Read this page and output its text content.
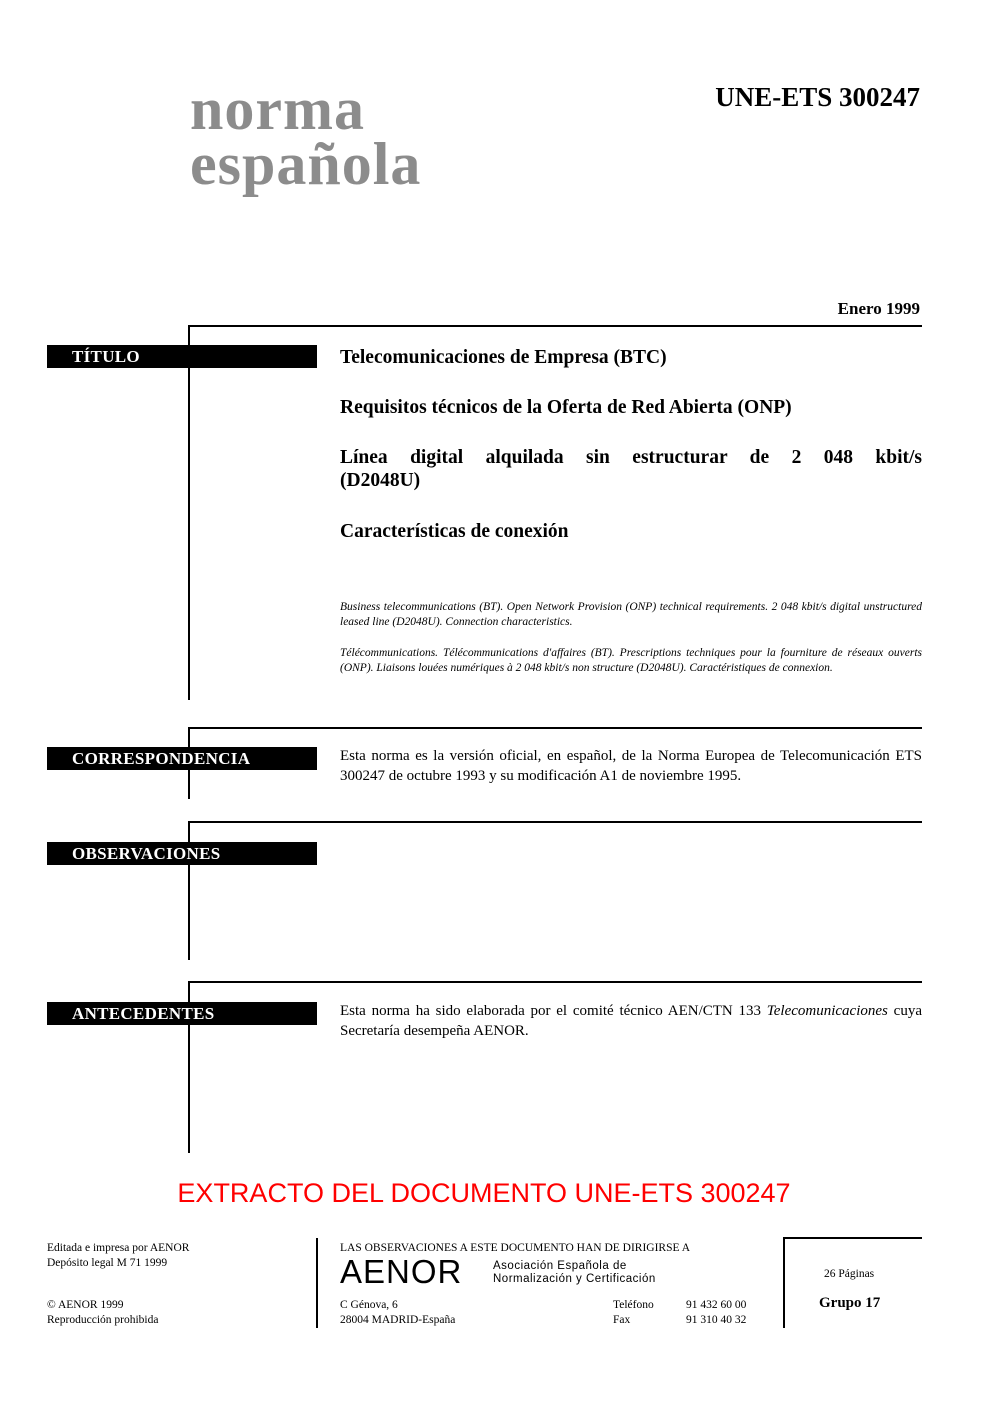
norma
española
UNE-ETS 300247
Enero 1999
TÍTULO	Telecomunicaciones de Empresa (BTC)
Requisitos técnicos de la Oferta de Red Abierta (ONP)
Línea digital alquilada sin estructurar de 2 048 kbit/s
(D2048U)
Características de conexión
Business telecommunications (BT). Open Network Provision (ONP) technical requirements. 2 048 kbit/s digital unstructured leased line (D2048U). Connection characteristics.
Télécommunications. Télécommunications d'affaires (BT). Prescriptions techniques pour la fourniture de réseaux ouverts (ONP). Liaisons louées numériques à 2 048 kbit/s non structure (D2048U). Caractéristiques de connexion.
CORRESPONDENCIA	Esta norma es la versión oficial, en español, de la Norma Europea de Telecomunicación ETS 300247 de octubre 1993 y su modificación A1 de noviembre 1995.
OBSERVACIONES
ANTECEDENTES	Esta norma ha sido elaborada por el comité técnico AEN/CTN 133 Telecomunicaciones cuya Secretaría desempeña AENOR.
EXTRACTO DEL DOCUMENTO UNE-ETS 300247
Editada e impresa por AENOR
Depósito legal M 71 1999
© AENOR 1999
Reproducción prohibida
LAS OBSERVACIONES A ESTE DOCUMENTO HAN DE DIRIGIRSE A
AENOR	Asociación Española de
Normalización y Certificación
C Génova, 6
28004 MADRID-España
Teléfono	91 432 60 00
Fax	91 310 40 32
26 Páginas
Grupo 17
